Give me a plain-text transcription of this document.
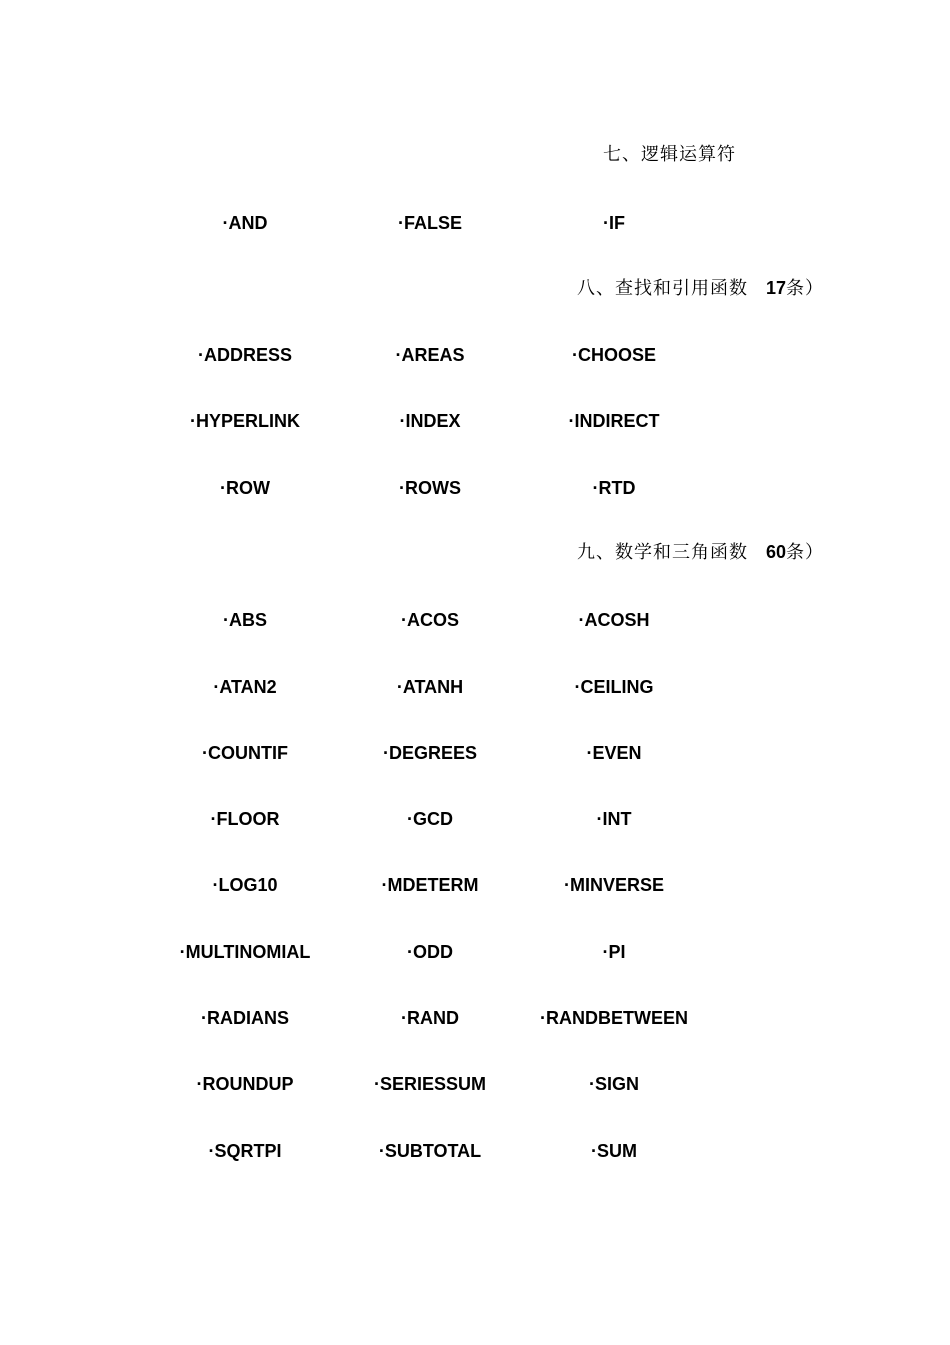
七、逻辑运算符
·AND	·FALSE	·IF
八、查找和引用函数 17条）
·ADDRESS	·AREAS	·CHOOSE
·HYPERLINK	·INDEX	·INDIRECT
·ROW	·ROWS	·RTD
九、数学和三角函数 60条）
·ABS	·ACOS	·ACOSH
·ATAN2	·ATANH	·CEILING
·COUNTIF	·DEGREES	·EVEN
·FLOOR	·GCD	·INT
·LOG10	·MDETERM	·MINVERSE
·MULTINOMIAL	·ODD	·PI
·RADIANS	·RAND	·RANDBETWEEN
·ROUNDUP	·SERIESSUM	·SIGN
·SQRTPI	·SUBTOTAL	·SUM
